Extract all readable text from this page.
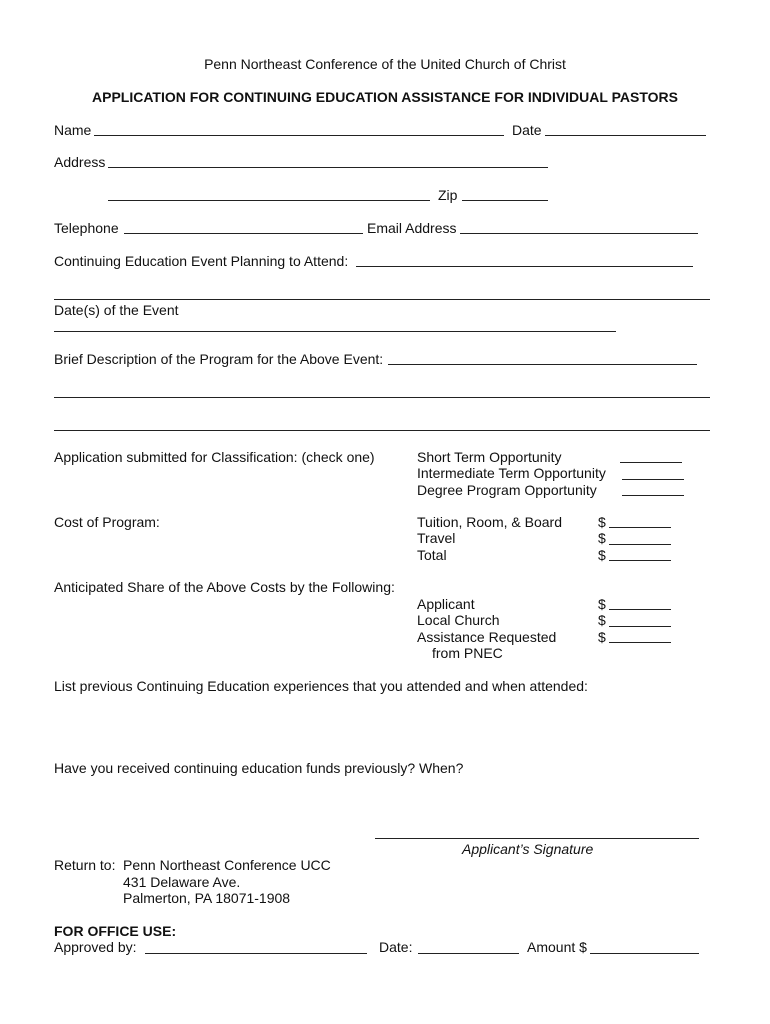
Penn Northeast Conference of the United Church of Christ
APPLICATION FOR CONTINUING EDUCATION ASSISTANCE FOR INDIVIDUAL PASTORS
Name	Date
Address
Zip
Telephone	Email Address
Continuing Education Event Planning to Attend:
Date(s) of the Event
Brief Description of the Program for the Above Event:
Application submitted for Classification: (check one)	Short Term Opportunity
Intermediate Term Opportunity
Degree Program Opportunity
Cost of Program:	Tuition, Room, & Board	$
Travel	$
Total	$
Anticipated Share of the Above Costs by the Following:
Applicant	$
Local Church	$
Assistance Requested	$
from PNEC
List previous Continuing Education experiences that you attended and when attended:
Have you received continuing education funds previously? When?
Applicant’s Signature
Return to: Penn Northeast Conference UCC
431 Delaware Ave.
Palmerton, PA 18071-1908
FOR OFFICE USE:
Approved by:	Date:	Amount $
